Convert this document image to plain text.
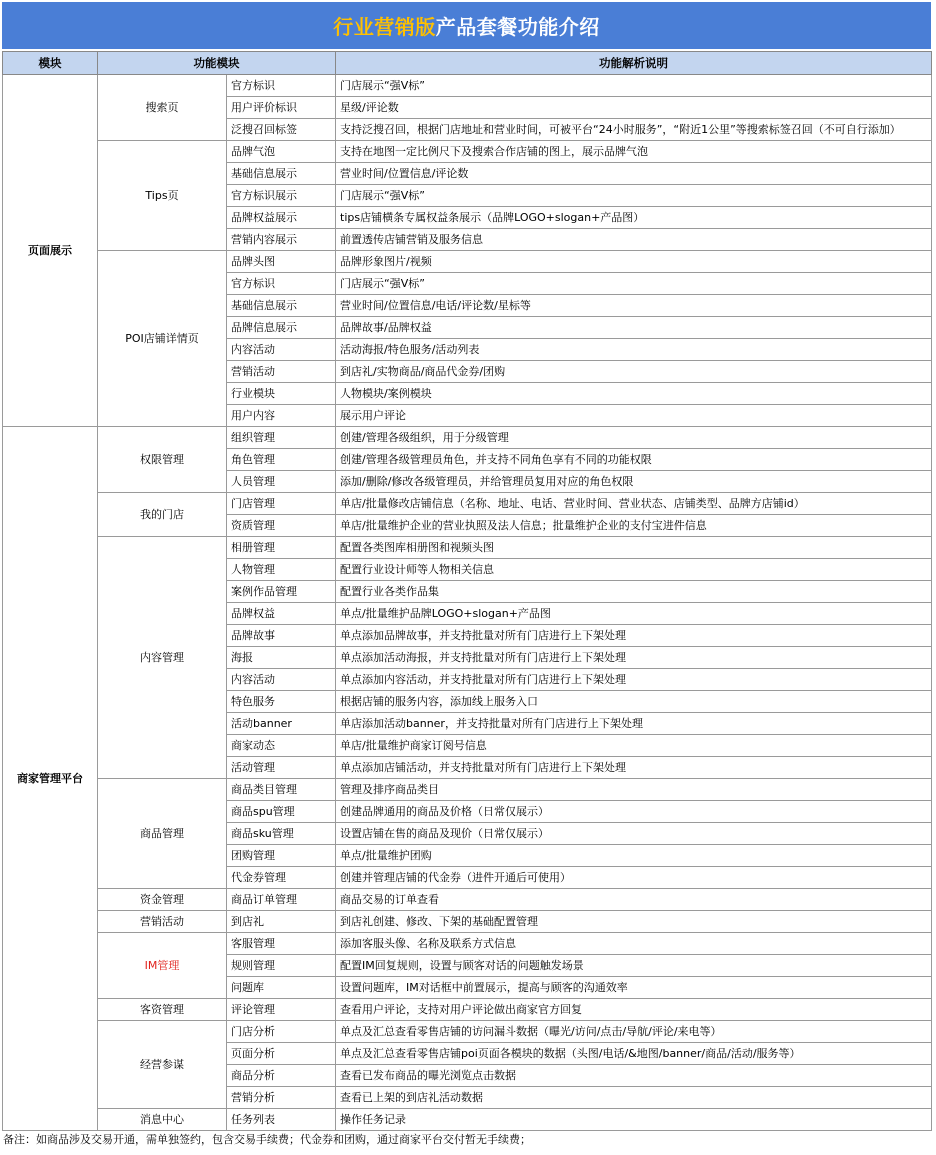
行业营销版 产品套餐功能介绍
模块	功能模块		功能解析说明
页面展示	搜索页	官方标识	门店展示“强V标”
		用户评价标识	星级/评论数
		泛搜召回标签	支持泛搜召回，根据门店地址和营业时间，可被平台“24小时服务”，“附近1公里”等搜索标签召回（不可自行添加）
	Tips页	品牌气泡	支持在地图一定比例尺下及搜索合作店铺的图上，展示品牌气泡
		基础信息展示	营业时间/位置信息/评论数
		官方标识展示	门店展示“强V标”
		品牌权益展示	tips店铺横条专属权益条展示（品牌LOGO+slogan+产品图）
		营销内容展示	前置透传店铺营销及服务信息
	POI店铺详情页	品牌头图	品牌形象图片/视频
		官方标识	门店展示“强V标”
		基础信息展示	营业时间/位置信息/电话/评论数/星标等
		品牌信息展示	品牌故事/品牌权益
		内容活动	活动海报/特色服务/活动列表
		营销活动	到店礼/实物商品/商品代金券/团购
		行业模块	人物模块/案例模块
		用户内容	展示用户评论
商家管理平台	权限管理	组织管理	创建/管理各级组织，用于分级管理
		角色管理	创建/管理各级管理员角色，并支持不同角色享有不同的功能权限
		人员管理	添加/删除/修改各级管理员，并给管理员复用对应的角色权限
	我的门店	门店管理	单店/批量修改店铺信息（名称、地址、电话、营业时间、营业状态、店铺类型、品牌方店铺id）
		资质管理	单店/批量维护企业的营业执照及法人信息；批量维护企业的支付宝进件信息
	内容管理	相册管理	配置各类图库相册图和视频头图
		人物管理	配置行业设计师等人物相关信息
		案例作品管理	配置行业各类作品集
		品牌权益	单点/批量维护品牌LOGO+slogan+产品图
		品牌故事	单点添加品牌故事，并支持批量对所有门店进行上下架处理
		海报	单点添加活动海报，并支持批量对所有门店进行上下架处理
		内容活动	单点添加内容活动，并支持批量对所有门店进行上下架处理
		特色服务	根据店铺的服务内容，添加线上服务入口
		活动banner	单店添加活动banner，并支持批量对所有门店进行上下架处理
		商家动态	单店/批量维护商家订阅号信息
		活动管理	单点添加店铺活动，并支持批量对所有门店进行上下架处理
	商品管理	商品类目管理	管理及排序商品类目
		商品spu管理	创建品牌通用的商品及价格（日常仅展示）
		商品sku管理	设置店铺在售的商品及现价（日常仅展示）
		团购管理	单点/批量维护团购
		代金券管理	创建并管理店铺的代金券（进件开通后可使用）
	资金管理	商品订单管理	商品交易的订单查看
	营销活动	到店礼	到店礼创建、修改、下架的基础配置管理
	IM管理	客服管理	添加客服头像、名称及联系方式信息
		规则管理	配置IM回复规则，设置与顾客对话的问题触发场景
		问题库	设置问题库，IM对话框中前置展示，提高与顾客的沟通效率
	客资管理	评论管理	查看用户评论，支持对用户评论做出商家官方回复
	经营参谋	门店分析	单点及汇总查看零售店铺的访问漏斗数据（曝光/访问/点击/导航/评论/来电等）
		页面分析	单点及汇总查看零售店铺poi页面各模块的数据（头图/电话/&地图/banner/商品/活动/服务等）
		商品分析	查看已发布商品的曝光浏览点击数据
		营销分析	查看已上架的到店礼活动数据
	消息中心	任务列表	操作任务记录
备注：如商品涉及交易开通，需单独签约，包含交易手续费；代金券和团购，通过商家平台交付暂无手续费；
